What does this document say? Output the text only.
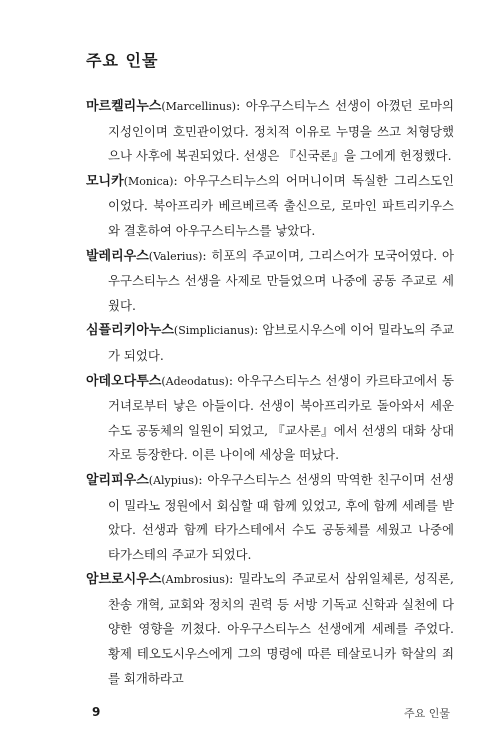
주요 인물

마르켈리누스(Marcellinus): 아우구스티누스 선생이 아꼈던 로마의 지성인이며 호민관이었다. 정치적 이유로 누명을 쓰고 처형당했으나 사후에 복권되었다. 선생은 『신국론』을 그에게 헌정했다.

모니카(Monica): 아우구스티누스의 어머니이며 독실한 그리스도인이었다. 북아프리카 베르베르족 출신으로, 로마인 파트리키우스와 결혼하여 아우구스티누스를 낳았다.

발레리우스(Valerius): 히포의 주교이며, 그리스어가 모국어였다. 아우구스티누스 선생을 사제로 만들었으며 나중에 공동 주교로 세웠다.

심플리키아누스(Simplicianus): 암브로시우스에 이어 밀라노의 주교가 되었다.

아데오다투스(Adeodatus): 아우구스티누스 선생이 카르타고에서 동거녀로부터 낳은 아들이다. 선생이 북아프리카로 돌아와서 세운 수도 공동체의 일원이 되었고, 『교사론』에서 선생의 대화 상대자로 등장한다. 이른 나이에 세상을 떠났다.

알리피우스(Alypius): 아우구스티누스 선생의 막역한 친구이며 선생이 밀라노 정원에서 회심할 때 함께 있었고, 후에 함께 세례를 받았다. 선생과 함께 타가스테에서 수도 공동체를 세웠고 나중에 타가스테의 주교가 되었다.

암브로시우스(Ambrosius): 밀라노의 주교로서 삼위일체론, 성직론, 찬송 개혁, 교회와 정치의 권력 등 서방 기독교 신학과 실천에 다양한 영향을 끼쳤다. 아우구스티누스 선생에게 세례를 주었다. 황제 테오도시우스에게 그의 명령에 따른 테살로니카 학살의 죄를 회개하라고

9	주요 인물
